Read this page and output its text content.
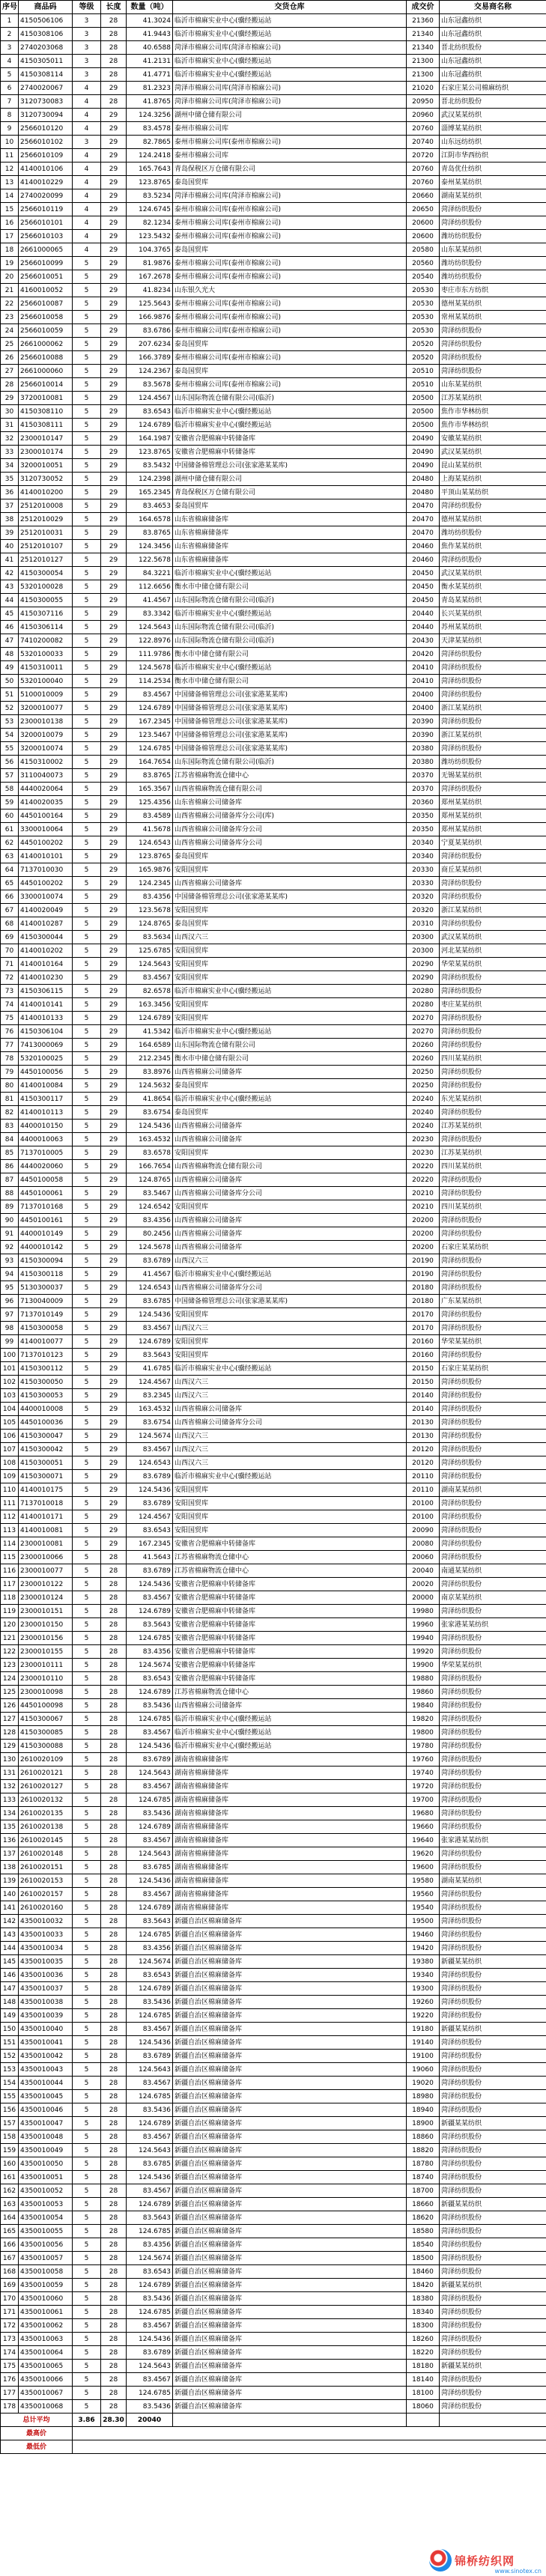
序号	商品码	等级	长度	数量（吨）	交货仓库	成交价	交易商名称
1	4150506106	3	28	41.3024	临沂市棉麻实业中心(骥经搬运站	21360	山东冠鑫纺织
2	4150308106	3	28	41.9443	临沂市棉麻实业中心(骥经搬运站	21340	山东冠鑫纺织
3	2740203068	3	28	40.6588	菏泽市棉麻公司库(菏泽市棉麻公司)	21340	晋北纺织股份
4	4150305011	3	28	41.2131	临沂市棉麻实业中心(骥经搬运站	21300	山东冠鑫纺织
5	4150308114	3	28	41.4771	临沂市棉麻实业中心(骥经搬运站	21300	山东冠鑫纺织
6	2740020067	4	29	81.2323	菏泽市棉麻公司库(菏泽市棉麻公司)	21020	石家庄某公司棉麻纺织
7	3120730083	4	28	41.8765	菏泽市棉麻公司库(菏泽市棉麻公司)	20950	晋北纺织股份
8	3120730094	4	29	124.3256	湖州中储仓储有限公司	20960	武汉某某纺织
9	2566010120	4	29	83.4578	泰州市棉麻公司库	20760	淄博某某纺织
10	2566010102	3	29	82.7865	泰州市棉麻公司库(泰州市棉麻公司)	20740	山东远纺纺织
11	2566010109	4	29	124.2418	泰州市棉麻公司库	20720	江阴市华西纺织
12	4140010106	4	29	165.7643	青岛保税区万仓储有限公司	20760	青岛优仕纺织
13	4140010229	4	29	123.8765	泰岛国贸库	20760	泰州某某纺织
14	2740020099	4	29	83.5234	菏泽市棉麻公司库(菏泽市棉麻公司)	20660	湖南某某纺织
15	2566010119	4	29	124.6745	泰州市棉麻公司库(泰州市棉麻公司)	20650	菏泽纺织股份
16	2566010101	4	29	82.1234	泰州市棉麻公司库(泰州市棉麻公司)	20600	菏泽纺织股份
17	2566010103	4	29	123.5432	泰州市棉麻公司库(泰州市棉麻公司)	20600	潍坊纺织股份
18	2661000065	4	29	104.3765	泰岛国贸库	20580	山东某某纺织
19	2566010099	5	29	81.9876	泰州市棉麻公司库(泰州市棉麻公司)	20560	潍坊纺织股份
20	2566010051	5	29	167.2678	泰州市棉麻公司库(泰州市棉麻公司)	20540	潍坊纺织股份
21	4160010052	5	29	41.8234	山东银久光大	20530	枣庄市东方纺织
22	2566010087	5	29	125.5643	泰州市棉麻公司库(泰州市棉麻公司)	20530	德州某某纺织
23	2566010058	5	29	166.9876	泰州市棉麻公司库(泰州市棉麻公司)	20530	常州某某纺织
24	2566010059	5	29	83.6786	泰州市棉麻公司库(泰州市棉麻公司)	20530	菏泽纺织股份
25	2661000062	5	29	207.6234	泰岛国贸库	20520	菏泽纺织股份
26	2566010088	5	29	166.3789	泰州市棉麻公司库(泰州市棉麻公司)	20520	菏泽纺织股份
27	2661000060	5	29	124.2367	泰岛国贸库	20510	菏泽纺织股份
28	2566010014	5	29	83.5678	泰州市棉麻公司库(泰州市棉麻公司)	20510	山东某某纺织
29	3720010081	5	29	124.4567	山东国际物流仓储有限公司(临沂)	20500	江苏某某纺织
30	4150308110	5	29	83.6543	临沂市棉麻实业中心(骥经搬运站	20500	焦作市华林纺织
31	4150308111	5	29	124.6789	临沂市棉麻实业中心(骥经搬运站	20500	焦作市华林纺织
32	2300010147	5	29	164.1987	安徽省合肥棉麻中转储备库	20490	安徽某某纺织
33	2300010174	5	29	123.8765	安徽省合肥棉麻中转储备库	20490	武汉某某纺织
34	3200010051	5	29	83.5432	中国储备棉管理总公司(张家港某某库)	20490	昆山某某纺织
35	3120730052	5	29	124.2398	湖州中储仓储有限公司	20480	上海某某纺织
36	4140010200	5	29	165.2345	青岛保税区万仓储有限公司	20480	平顶山某某纺织
37	2512010008	5	29	83.4653	泰岛国贸库	20470	菏泽纺织股份
38	2512010029	5	29	164.6578	山东省棉麻储备库	20470	德州某某纺织
39	2512010031	5	29	83.8765	山东省棉麻储备库	20470	潍坊纺织股份
40	2512010107	5	29	124.3456	山东省棉麻储备库	20460	焦作某某纺织
41	2512010127	5	29	122.5678	山东省棉麻储备库	20460	菏泽纺织股份
42	4150300054	5	29	84.3221	临沂市棉麻实业中心(骥经搬运站	20450	武汉某某纺织
43	5320100028	5	29	112.6656	衡水市中储仓储有限公司	20450	衡水某某纺织
44	4150300055	5	29	41.4567	山东国际物流仓储有限公司(临沂)	20450	青岛某某纺织
45	4150307116	5	29	83.3342	临沂市棉麻实业中心(骥经搬运站	20440	长兴某某纺织
46	4150306114	5	29	124.5643	山东国际物流仓储有限公司(临沂)	20440	苏州某某纺织
47	7410200082	5	29	122.8976	山东国际物流仓储有限公司(临沂)	20430	天津某某纺织
48	5320100033	5	29	111.9786	衡水市中储仓储有限公司	20420	菏泽纺织股份
49	4150310011	5	29	124.5678	临沂市棉麻实业中心(骥经搬运站	20410	菏泽纺织股份
50	5320100040	5	29	114.2534	衡水市中储仓储有限公司	20410	菏泽纺织股份
51	5100010009	5	29	83.4567	中国储备棉管理总公司(张家港某某库)	20400	菏泽纺织股份
52	3200010077	5	29	124.6789	中国储备棉管理总公司(张家港某某库)	20400	浙江某某纺织
53	2300010138	5	29	167.2345	中国储备棉管理总公司(张家港某某库)	20390	菏泽纺织股份
54	3200010079	5	29	123.5467	中国储备棉管理总公司(张家港某某库)	20390	浙江某某纺织
55	3200010074	5	29	124.6785	中国储备棉管理总公司(张家港某某库)	20380	菏泽纺织股份
56	4150310002	5	29	164.7654	山东国际物流仓储有限公司(临沂)	20380	潍坊纺织股份
57	3110040073	5	29	83.8765	江苏省棉麻物流仓储中心	20370	无锡某某纺织
58	4440020064	5	29	165.3567	山西省棉麻物流仓储有限公司	20370	菏泽纺织股份
59	4140020035	5	29	125.4356	山东省棉麻公司储备库	20360	郑州某某纺织
60	4450100164	5	29	83.4589	山西省棉麻公司储备库分公司(库)	20350	郑州某某纺织
61	3300010064	5	29	41.5678	山西省棉麻公司储备库分公司	20350	郑州某某纺织
62	4450100202	5	29	124.6543	山西省棉麻公司储备库分公司	20340	宁夏某某纺织
63	4140010101	5	29	123.8765	泰岛国贸库	20340	菏泽纺织股份
64	7137010030	5	29	165.9876	安阳国贸库	20330	商丘某某纺织
65	4450100202	5	29	124.2345	山西省棉麻公司储备库	20330	菏泽纺织股份
66	3300010074	5	29	83.4356	中国储备棉管理总公司(张家港某某库)	20320	菏泽纺织股份
67	4140020049	5	29	123.5678	安阳国贸库	20320	浙江某某纺织
68	4140010287	5	29	124.8765	泰岛国贸库	20310	菏泽纺织股份
69	4150300044	5	29	83.5634	山西汉六三	20300	武汉某某纺织
70	4140010202	5	29	125.6785	安阳国贸库	20300	河北某某纺织
71	4140010164	5	29	124.5643	安阳国贸库	20290	华荣某某纺织
72	4140010230	5	29	83.4567	安阳国贸库	20290	菏泽纺织股份
73	4150306115	5	29	82.6578	临沂市棉麻实业中心(骥经搬运站	20280	菏泽纺织股份
74	4140010141	5	29	163.3456	安阳国贸库	20280	枣庄某某纺织
75	4140010133	5	29	124.6789	安阳国贸库	20270	菏泽纺织股份
76	4150306104	5	29	41.5342	临沂市棉麻实业中心(骥经搬运站	20270	菏泽纺织股份
77	7413000069	5	29	164.6589	山东国际物流仓储有限公司	20260	菏泽纺织股份
78	5320100025	5	29	212.2345	衡水市中储仓储有限公司	20260	四川某某纺织
79	4450100056	5	29	83.8976	山西省棉麻公司储备库	20250	菏泽纺织股份
80	4140010084	5	29	124.5632	泰岛国贸库	20250	菏泽纺织股份
81	4150300117	5	29	41.8654	临沂市棉麻实业中心(骥经搬运站	20240	东光某某纺织
82	4140010113	5	29	83.6754	泰岛国贸库	20240	菏泽纺织股份
83	4400010150	5	29	124.5436	山西省棉麻公司储备库	20240	江苏某某纺织
84	4400010063	5	29	163.4532	山西省棉麻公司储备库	20230	菏泽纺织股份
85	7137010005	5	29	83.6578	安阳国贸库	20230	江苏某某纺织
86	4440020060	5	29	166.7654	山西省棉麻物流仓储有限公司	20220	四川某某纺织
87	4450100058	5	29	124.8765	山西省棉麻公司储备库	20220	菏泽纺织股份
88	4450100061	5	29	83.5467	山西省棉麻公司储备库分公司	20210	菏泽纺织股份
89	7137010168	5	29	124.6542	安阳国贸库	20210	四川某某纺织
90	4450100161	5	29	83.4356	山西省棉麻公司储备库	20200	菏泽纺织股份
91	4400010149	5	29	80.2456	山西省棉麻公司储备库	20200	菏泽纺织股份
92	4400010142	5	29	124.5678	山西省棉麻公司储备库	20200	石家庄某某纺织
93	4150300094	5	29	83.6789	山西汉六三	20190	菏泽纺织股份
94	4150300118	5	29	41.4567	临沂市棉麻实业中心(骥经搬运站	20190	菏泽纺织股份
95	5130300037	5	29	124.6543	山西省棉麻公司储备库分公司	20180	菏泽纺织股份
96	7130040009	5	29	83.6785	中国储备棉管理总公司(张家港某某库)	20180	广东某某纺织
97	7137010149	5	29	124.5436	安阳国贸库	20170	菏泽纺织股份
98	4150300058	5	29	83.4567	山西汉六三	20170	菏泽纺织股份
99	4140010077	5	29	124.6789	安阳国贸库	20160	华荣某某纺织
100	7137010123	5	29	83.5643	安阳国贸库	20160	菏泽纺织股份
101	4150300112	5	29	41.6785	临沂市棉麻实业中心(骥经搬运站	20150	石家庄某某纺织
102	4150300050	5	29	124.4567	山西汉六三	20150	菏泽纺织股份
103	4150300053	5	29	83.2345	山西汉六三	20140	菏泽纺织股份
104	4400010008	5	29	163.4532	山西省棉麻公司储备库	20140	菏泽纺织股份
105	4450100036	5	29	83.6754	山西省棉麻公司储备库分公司	20130	菏泽纺织股份
106	4150300047	5	29	124.5674	山西汉六三	20130	菏泽纺织股份
107	4150300042	5	29	83.4567	山西汉六三	20120	菏泽纺织股份
108	4150300051	5	29	124.6543	山西汉六三	20120	菏泽纺织股份
109	4150300071	5	29	83.6789	临沂市棉麻实业中心(骥经搬运站	20110	菏泽纺织股份
110	4140010175	5	29	124.5436	安阳国贸库	20110	湖南某某纺织
111	7137010018	5	29	83.6789	安阳国贸库	20100	菏泽纺织股份
112	4140010171	5	29	124.4567	安阳国贸库	20100	菏泽纺织股份
113	4140010081	5	29	83.6543	安阳国贸库	20090	菏泽纺织股份
114	2300010081	5	29	167.2345	安徽省合肥棉麻中转储备库	20080	菏泽纺织股份
115	2300010066	5	28	41.5643	江苏省棉麻物流仓储中心	20060	菏泽纺织股份
116	2300010077	5	28	83.6789	江苏省棉麻物流仓储中心	20040	南通某某纺织
117	2300010122	5	28	124.5436	安徽省合肥棉麻中转储备库	20020	菏泽纺织股份
118	2300010124	5	28	83.4567	安徽省合肥棉麻中转储备库	20000	南京某某纺织
119	2300010151	5	28	124.6789	安徽省合肥棉麻中转储备库	19980	菏泽纺织股份
120	2300010150	5	28	83.5643	安徽省合肥棉麻中转储备库	19960	张家港某某纺织
121	2300010156	5	28	124.6785	安徽省合肥棉麻中转储备库	19940	菏泽纺织股份
122	2300010155	5	28	83.4356	安徽省合肥棉麻中转储备库	19920	菏泽纺织股份
123	2300010111	5	28	124.5674	安徽省合肥棉麻中转储备库	19900	华荣某某纺织
124	2300010110	5	28	83.6543	安徽省合肥棉麻中转储备库	19880	菏泽纺织股份
125	2300010098	5	28	124.6789	江苏省棉麻物流仓储中心	19860	菏泽纺织股份
126	4450100098	5	28	83.5436	山西省棉麻公司储备库	19840	菏泽纺织股份
127	4150300067	5	28	124.6785	临沂市棉麻实业中心(骥经搬运站	19820	菏泽纺织股份
128	4150300085	5	28	83.4567	临沂市棉麻实业中心(骥经搬运站	19800	菏泽纺织股份
129	4150300088	5	28	124.5436	临沂市棉麻实业中心(骥经搬运站	19780	菏泽纺织股份
130	2610020109	5	28	83.6789	湖南省棉麻储备库	19760	菏泽纺织股份
131	2610020121	5	28	124.5643	湖南省棉麻储备库	19740	菏泽纺织股份
132	2610020127	5	28	83.4567	湖南省棉麻储备库	19720	菏泽纺织股份
133	2610020132	5	28	124.6785	湖南省棉麻储备库	19700	菏泽纺织股份
134	2610020135	5	28	83.5436	湖南省棉麻储备库	19680	菏泽纺织股份
135	2610020138	5	28	124.6789	湖南省棉麻储备库	19660	菏泽纺织股份
136	2610020145	5	28	83.4567	湖南省棉麻储备库	19640	张家港某某纺织
137	2610020148	5	28	124.5643	湖南省棉麻储备库	19620	菏泽纺织股份
138	2610020151	5	28	83.6785	湖南省棉麻储备库	19600	菏泽纺织股份
139	2610020153	5	28	124.5436	湖南省棉麻储备库	19580	湖南某某纺织
140	2610020157	5	28	83.4567	湖南省棉麻储备库	19560	菏泽纺织股份
141	2610020160	5	28	124.6789	湖南省棉麻储备库	19540	菏泽纺织股份
142	4350010032	5	28	83.5643	新疆自治区棉麻储备库	19500	菏泽纺织股份
143	4350010033	5	28	124.6785	新疆自治区棉麻储备库	19460	菏泽纺织股份
144	4350010034	5	28	83.4356	新疆自治区棉麻储备库	19420	菏泽纺织股份
145	4350010035	5	28	124.5674	新疆自治区棉麻储备库	19380	新疆某某纺织
146	4350010036	5	28	83.6543	新疆自治区棉麻储备库	19340	菏泽纺织股份
147	4350010037	5	28	124.6789	新疆自治区棉麻储备库	19300	菏泽纺织股份
148	4350010038	5	28	83.5436	新疆自治区棉麻储备库	19260	菏泽纺织股份
149	4350010039	5	28	124.6785	新疆自治区棉麻储备库	19220	菏泽纺织股份
150	4350010040	5	28	83.4567	新疆自治区棉麻储备库	19180	新疆某某纺织
151	4350010041	5	28	124.5436	新疆自治区棉麻储备库	19140	菏泽纺织股份
152	4350010042	5	28	83.6789	新疆自治区棉麻储备库	19100	菏泽纺织股份
153	4350010043	5	28	124.5643	新疆自治区棉麻储备库	19060	菏泽纺织股份
154	4350010044	5	28	83.4567	新疆自治区棉麻储备库	19020	菏泽纺织股份
155	4350010045	5	28	124.6785	新疆自治区棉麻储备库	18980	菏泽纺织股份
156	4350010046	5	28	83.5436	新疆自治区棉麻储备库	18940	菏泽纺织股份
157	4350010047	5	28	124.6789	新疆自治区棉麻储备库	18900	新疆某某纺织
158	4350010048	5	28	83.4567	新疆自治区棉麻储备库	18860	菏泽纺织股份
159	4350010049	5	28	124.5643	新疆自治区棉麻储备库	18820	菏泽纺织股份
160	4350010050	5	28	83.6785	新疆自治区棉麻储备库	18780	菏泽纺织股份
161	4350010051	5	28	124.5436	新疆自治区棉麻储备库	18740	菏泽纺织股份
162	4350010052	5	28	83.4567	新疆自治区棉麻储备库	18700	菏泽纺织股份
163	4350010053	5	28	124.6789	新疆自治区棉麻储备库	18660	新疆某某纺织
164	4350010054	5	28	83.5643	新疆自治区棉麻储备库	18620	菏泽纺织股份
165	4350010055	5	28	124.6785	新疆自治区棉麻储备库	18580	菏泽纺织股份
166	4350010056	5	28	83.4356	新疆自治区棉麻储备库	18540	菏泽纺织股份
167	4350010057	5	28	124.5674	新疆自治区棉麻储备库	18500	菏泽纺织股份
168	4350010058	5	28	83.6543	新疆自治区棉麻储备库	18460	菏泽纺织股份
169	4350010059	5	28	124.6789	新疆自治区棉麻储备库	18420	新疆某某纺织
170	4350010060	5	28	83.5436	新疆自治区棉麻储备库	18380	菏泽纺织股份
171	4350010061	5	28	124.6785	新疆自治区棉麻储备库	18340	菏泽纺织股份
172	4350010062	5	28	83.4567	新疆自治区棉麻储备库	18300	菏泽纺织股份
173	4350010063	5	28	124.5436	新疆自治区棉麻储备库	18260	菏泽纺织股份
174	4350010064	5	28	83.6789	新疆自治区棉麻储备库	18220	菏泽纺织股份
175	4350010065	5	28	124.5643	新疆自治区棉麻储备库	18180	新疆某某纺织
176	4350010066	5	28	83.4567	新疆自治区棉麻储备库	18140	菏泽纺织股份
177	4350010067	5	28	124.6785	新疆自治区棉麻储备库	18100	菏泽纺织股份
178	4350010068	5	28	83.5436	新疆自治区棉麻储备库	18060	菏泽纺织股份
总计平均		3.86	28.30	20040			
最高价							
最低价							
锦桥纺织网
www.sinotex.cn
